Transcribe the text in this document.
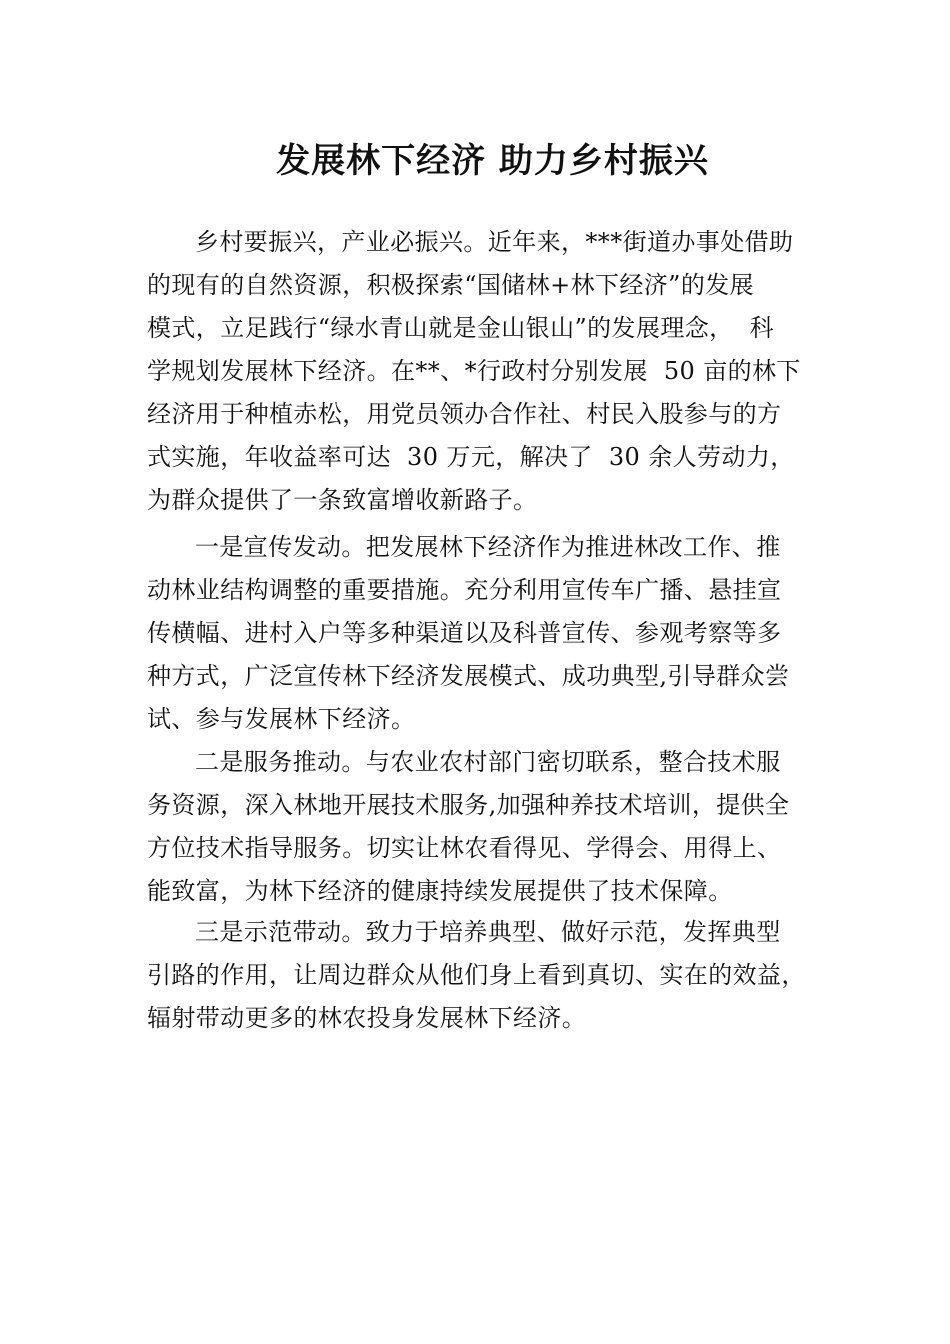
发展林下经济 助力乡村振兴
乡村要振兴，产业必振兴。近年来，***街道办事处借助
的现有的自然资源，积极探索“国储林+林下经济”的发展
模式，立足践行“绿水青山就是金山银山”的发展理念，  科
学规划发展林下经济。在**、*行政村分别发展  50 亩的林下
经济用于种植赤松，用党员领办合作社、村民入股参与的方
式实施，年收益率可达  30 万元，解决了  30 余人劳动力，
为群众提供了一条致富增收新路子。
一是宣传发动。把发展林下经济作为推进林改工作、推
动林业结构调整的重要措施。充分利用宣传车广播、悬挂宣
传横幅、进村入户等多种渠道以及科普宣传、参观考察等多
种方式，广泛宣传林下经济发展模式、成功典型,引导群众尝
试、参与发展林下经济。
二是服务推动。与农业农村部门密切联系，整合技术服
务资源，深入林地开展技术服务,加强种养技术培训，提供全
方位技术指导服务。切实让林农看得见、学得会、用得上、
能致富，为林下经济的健康持续发展提供了技术保障。
三是示范带动。致力于培养典型、做好示范，发挥典型
引路的作用，让周边群众从他们身上看到真切、实在的效益，
辐射带动更多的林农投身发展林下经济。
